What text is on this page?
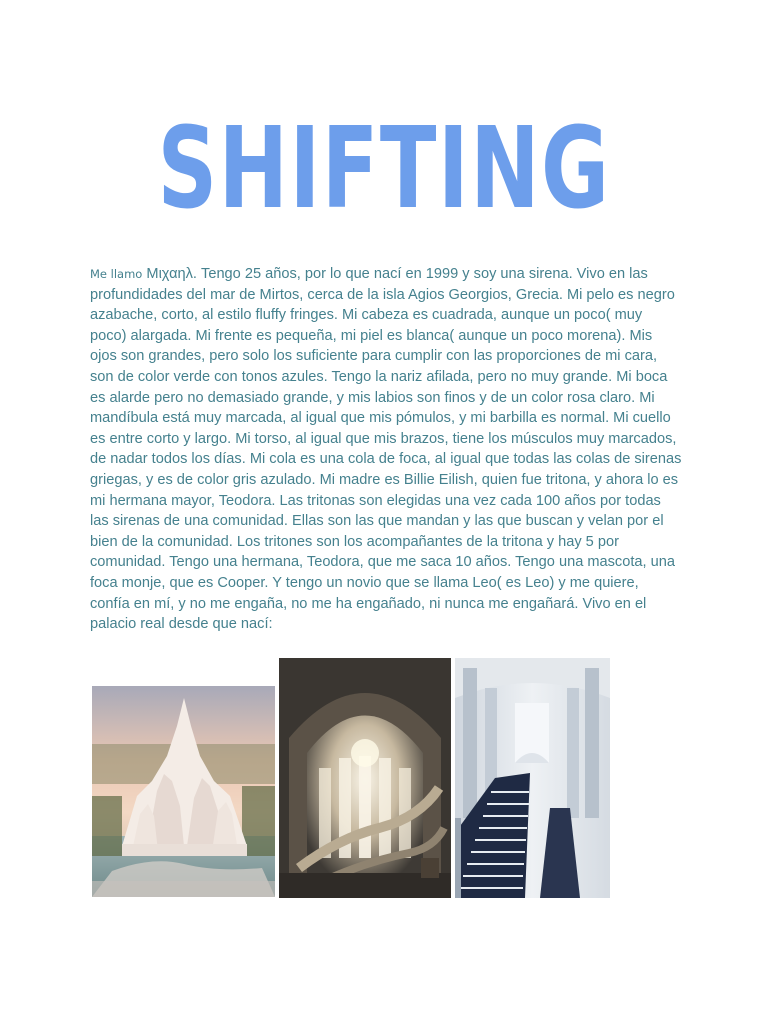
SHIFTING

Me llamo Μιχαηλ. Tengo 25 años, por lo que nací en 1999 y soy una sirena. Vivo en las profundidades del mar de Mirtos, cerca de la isla Agios Georgios, Grecia. Mi pelo es negro azabache, corto, al estilo fluffy fringes. Mi cabeza es cuadrada, aunque un poco( muy poco) alargada. Mi frente es pequeña, mi piel es blanca( aunque un poco morena). Mis ojos son grandes, pero solo los suficiente para cumplir con las proporciones de mi cara, son de color verde con tonos azules. Tengo la nariz afilada, pero no muy grande. Mi boca es alarde pero no demasiado grande, y mis labios son finos y de un color rosa claro. Mi mandíbula está muy marcada, al igual que mis pómulos, y mi barbilla es normal. Mi cuello es entre corto y largo. Mi torso, al igual que mis brazos, tiene los músculos muy marcados, de nadar todos los días. Mi cola es una cola de foca, al igual que todas las colas de sirenas griegas, y es de color gris azulado. Mi madre es Billie Eilish, quien fue tritona, y ahora lo es mi hermana mayor, Teodora. Las tritonas son elegidas una vez cada 100 años por todas las sirenas de una comunidad. Ellas son las que mandan y las que buscan y velan por el bien de la comunidad. Los tritones son los acompañantes de la tritona y hay 5 por comunidad. Tengo una hermana, Teodora, que me saca 10 años. Tengo una mascota, una foca monje, que es Cooper. Y tengo un novio que se llama Leo( es Leo) y me quiere, confía en mí, y no me engaña, no me ha engañado, ni nunca me engañará. Vivo en el palacio real desde que nací:
